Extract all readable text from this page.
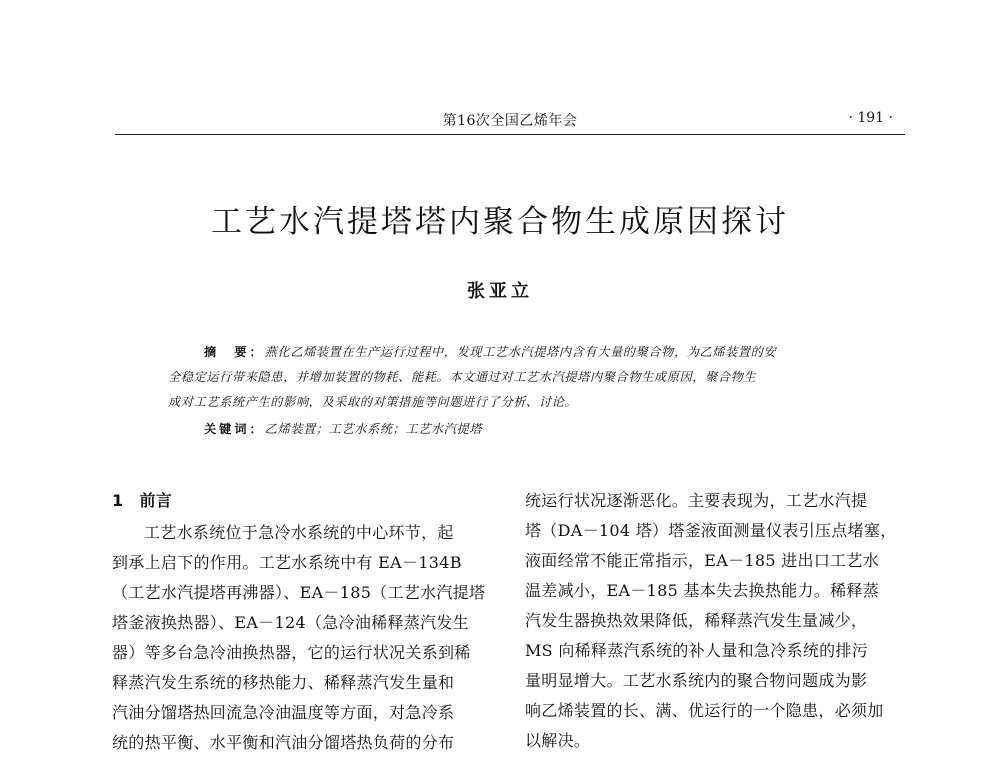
第16次全国乙烯年会	· 191 ·
工艺水汽提塔塔内聚合物生成原因探讨
张亚立
摘　要：燕化乙烯装置在生产运行过程中，发现工艺水汽提塔内含有大量的聚合物，为乙烯装置的安
全稳定运行带来隐患，并增加装置的物耗、能耗。本文通过对工艺水汽提塔内聚合物生成原因，聚合物生
成对工艺系统产生的影响，及采取的对策措施等问题进行了分析、讨论。
关键词：乙烯装置；工艺水系统；工艺水汽提塔
1 前言
工艺水系统位于急冷水系统的中心环节，起
到承上启下的作用。工艺水系统中有 EA－134B
（工艺水汽提塔再沸器）、EA－185（工艺水汽提塔
塔釜液换热器）、EA－124（急冷油稀释蒸汽发生
器）等多台急冷油换热器，它的运行状况关系到稀
释蒸汽发生系统的移热能力、稀释蒸汽发生量和
汽油分馏塔热回流急冷油温度等方面，对急冷系
统的热平衡、水平衡和汽油分馏塔热负荷的分布
统运行状况逐渐恶化。主要表现为，工艺水汽提
塔（DA－104 塔）塔釜液面测量仪表引压点堵塞，
液面经常不能正常指示，EA－185 进出口工艺水
温差减小，EA－185 基本失去换热能力。稀释蒸
汽发生器换热效果降低，稀释蒸汽发生量减少，
MS 向稀释蒸汽系统的补人量和急冷系统的排污
量明显增大。工艺水系统内的聚合物问题成为影
响乙烯装置的长、满、优运行的一个隐患，必须加
以解决。
